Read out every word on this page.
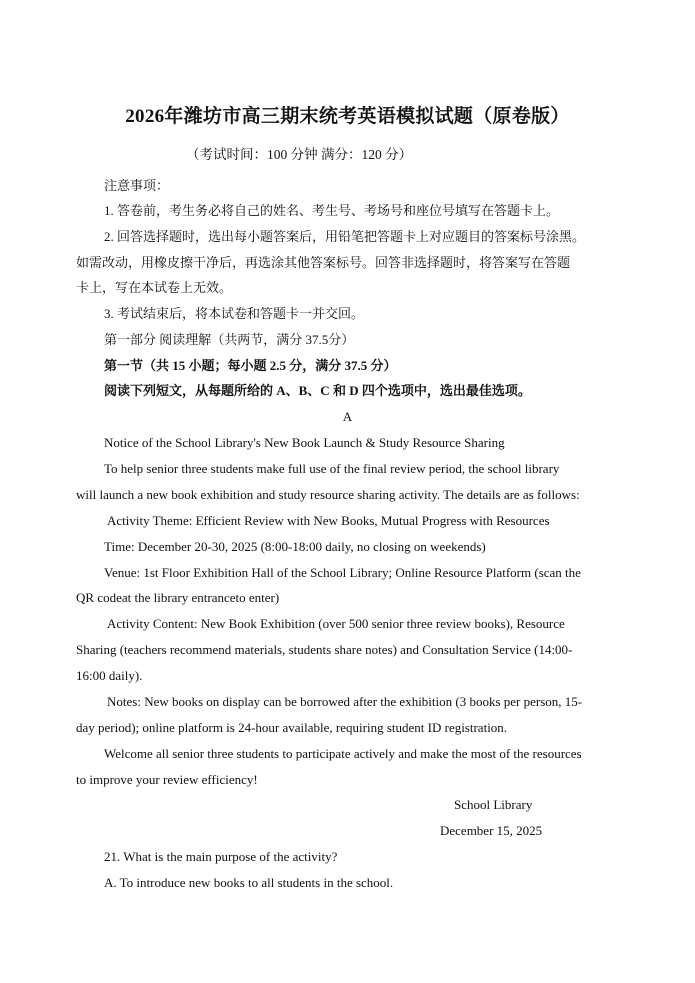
2026年潍坊市高三期末统考英语模拟试题（原卷版）
（考试时间：100 分钟 满分：120 分）
注意事项：
1. 答卷前，考生务必将自己的姓名、考生号、考场号和座位号填写在答题卡上。
2. 回答选择题时，选出每小题答案后，用铅笔把答题卡上对应题目的答案标号涂黑。
如需改动，用橡皮擦干净后，再选涂其他答案标号。回答非选择题时，将答案写在答题
卡上，写在本试卷上无效。
3. 考试结束后，将本试卷和答题卡一并交回。
第一部分 阅读理解（共两节，满分 37.5分）
第一节（共 15 小题；每小题 2.5 分，满分 37.5 分）
阅读下列短文，从每题所给的 A、B、C 和 D 四个选项中，选出最佳选项。
A
Notice of the School Library's New Book Launch & Study Resource Sharing
To help senior three students make full use of the final review period, the school library
will launch a new book exhibition and study resource sharing activity. The details are as follows:
Activity Theme: Efficient Review with New Books, Mutual Progress with Resources
Time: December 20-30, 2025 (8:00-18:00 daily, no closing on weekends)
Venue: 1st Floor Exhibition Hall of the School Library; Online Resource Platform (scan the
QR codeat the library entranceto enter)
Activity Content: New Book Exhibition (over 500 senior three review books), Resource
Sharing (teachers recommend materials, students share notes) and Consultation Service (14:00-
16:00 daily).
Notes: New books on display can be borrowed after the exhibition (3 books per person, 15-
day period); online platform is 24-hour available, requiring student ID registration.
Welcome all senior three students to participate actively and make the most of the resources
to improve your review efficiency!
School Library
December 15, 2025
21. What is the main purpose of the activity?
A. To introduce new books to all students in the school.
